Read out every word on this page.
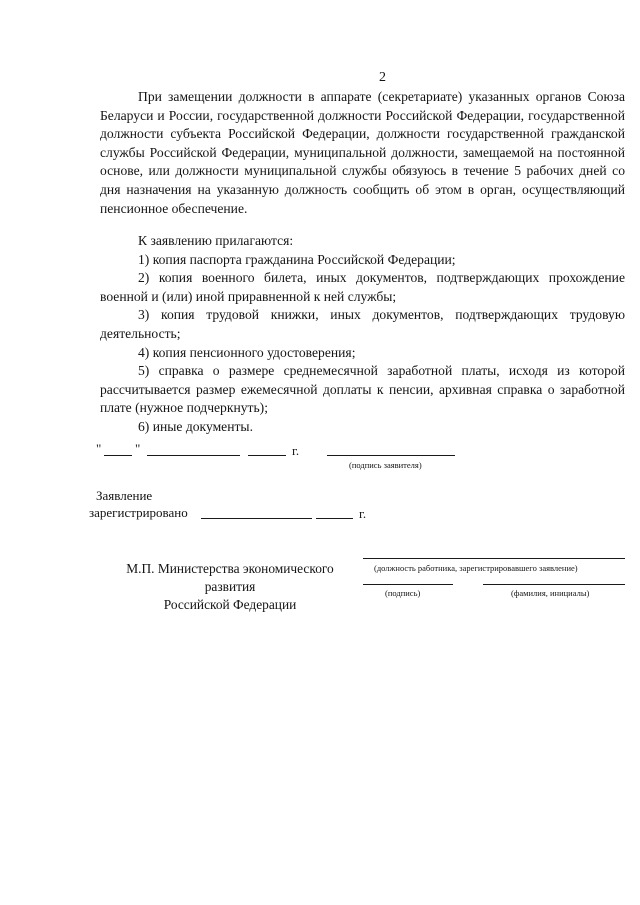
2

При замещении должности в аппарате (секретариате) указанных органов Союза Беларуси и России, государственной должности Российской Федерации, государственной должности субъекта Российской Федерации, должности государственной гражданской службы Российской Федерации, муниципальной должности, замещаемой на постоянной основе, или должности муниципальной службы обязуюсь в течение 5 рабочих дней со дня назначения на указанную должность сообщить об этом в орган, осуществляющий пенсионное обеспечение.

К заявлению прилагаются:

1) копия паспорта гражданина Российской Федерации;

2) копия военного билета, иных документов, подтверждающих прохождение военной и (или) иной приравненной к ней службы;

3) копия трудовой книжки, иных документов, подтверждающих трудовую деятельность;

4) копия пенсионного удостоверения;

5) справка о размере среднемесячной заработной платы, исходя из которой рассчитывается размер ежемесячной доплаты к пенсии, архивная справка о заработной плате (нужное подчеркнуть);

6) иные документы.

"	"	г.
(подпись заявителя)
Заявление
зарегистрировано	г.
М.П. Министерства экономического развития
Российской Федерации
(должность работника, зарегистрировавшего заявление)
(подпись)	(фамилия, инициалы)
